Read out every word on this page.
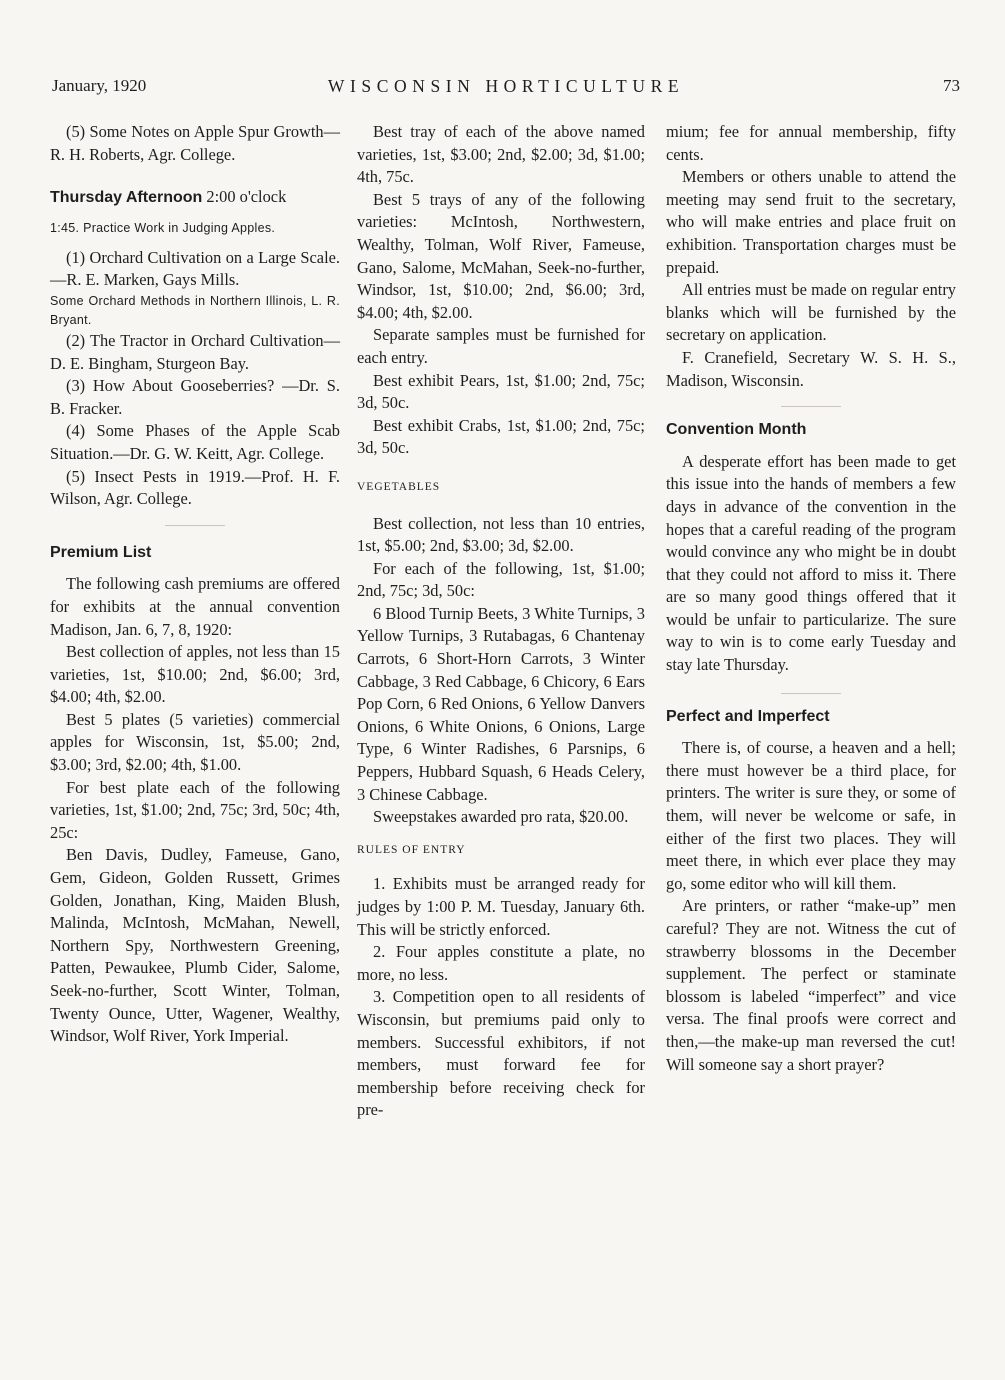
January, 1920	WISCONSIN HORTICULTURE	73

(5) Some Notes on Apple Spur Growth—R. H. Roberts, Agr. College.

Thursday Afternoon 2:00 o'clock

1:45. Practice Work in Judging Apples.

(1) Orchard Cultivation on a Large Scale.—R. E. Marken, Gays Mills.

Some Orchard Methods in Northern Illinois, L. R. Bryant.

(2) The Tractor in Orchard Cultivation—D. E. Bingham, Sturgeon Bay.

(3) How About Gooseberries? —Dr. S. B. Fracker.

(4) Some Phases of the Apple Scab Situation.—Dr. G. W. Keitt, Agr. College.

(5) Insect Pests in 1919.—Prof. H. F. Wilson, Agr. College.

Premium List

The following cash premiums are offered for exhibits at the annual convention Madison, Jan. 6, 7, 8, 1920:

Best collection of apples, not less than 15 varieties, 1st, $10.00; 2nd, $6.00; 3rd, $4.00; 4th, $2.00.

Best 5 plates (5 varieties) commercial apples for Wisconsin, 1st, $5.00; 2nd, $3.00; 3rd, $2.00; 4th, $1.00.

For best plate each of the following varieties, 1st, $1.00; 2nd, 75c; 3rd, 50c; 4th, 25c:

Ben Davis, Dudley, Fameuse, Gano, Gem, Gideon, Golden Russett, Grimes Golden, Jonathan, King, Maiden Blush, Malinda, McIntosh, McMahan, Newell, Northern Spy, Northwestern Greening, Patten, Pewaukee, Plumb Cider, Salome, Seek-no-further, Scott Winter, Tolman, Twenty Ounce, Utter, Wagener, Wealthy, Windsor, Wolf River, York Imperial.

Best tray of each of the above named varieties, 1st, $3.00; 2nd, $2.00; 3d, $1.00; 4th, 75c.

Best 5 trays of any of the following varieties: McIntosh, Northwestern, Wealthy, Tolman, Wolf River, Fameuse, Gano, Salome, McMahan, Seek-no-further, Windsor, 1st, $10.00; 2nd, $6.00; 3rd, $4.00; 4th, $2.00.

Separate samples must be furnished for each entry.

Best exhibit Pears, 1st, $1.00; 2nd, 75c; 3d, 50c.

Best exhibit Crabs, 1st, $1.00; 2nd, 75c; 3d, 50c.

VEGETABLES

Best collection, not less than 10 entries, 1st, $5.00; 2nd, $3.00; 3d, $2.00.

For each of the following, 1st, $1.00; 2nd, 75c; 3d, 50c:

6 Blood Turnip Beets, 3 White Turnips, 3 Yellow Turnips, 3 Rutabagas, 6 Chantenay Carrots, 6 Short-Horn Carrots, 3 Winter Cabbage, 3 Red Cabbage, 6 Chicory, 6 Ears Pop Corn, 6 Red Onions, 6 Yellow Danvers Onions, 6 White Onions, 6 Onions, Large Type, 6 Winter Radishes, 6 Parsnips, 6 Peppers, Hubbard Squash, 6 Heads Celery, 3 Chinese Cabbage.

Sweepstakes awarded pro rata, $20.00.

RULES OF ENTRY

1. Exhibits must be arranged ready for judges by 1:00 P. M. Tuesday, January 6th. This will be strictly enforced.

2. Four apples constitute a plate, no more, no less.

3. Competition open to all residents of Wisconsin, but premiums paid only to members. Successful exhibitors, if not members, must forward fee for membership before receiving check for pre-

mium; fee for annual membership, fifty cents.

Members or others unable to attend the meeting may send fruit to the secretary, who will make entries and place fruit on exhibition. Transportation charges must be prepaid.

All entries must be made on regular entry blanks which will be furnished by the secretary on application.

F. Cranefield, Secretary W. S. H. S., Madison, Wisconsin.

Convention Month

A desperate effort has been made to get this issue into the hands of members a few days in advance of the convention in the hopes that a careful reading of the program would convince any who might be in doubt that they could not afford to miss it. There are so many good things offered that it would be unfair to particularize. The sure way to win is to come early Tuesday and stay late Thursday.

Perfect and Imperfect

There is, of course, a heaven and a hell; there must however be a third place, for printers. The writer is sure they, or some of them, will never be welcome or safe, in either of the first two places. They will meet there, in which ever place they may go, some editor who will kill them.

Are printers, or rather “make-up” men careful? They are not. Witness the cut of strawberry blossoms in the December supplement. The perfect or staminate blossom is labeled “imperfect” and vice versa. The final proofs were correct and then,—the make-up man reversed the cut! Will someone say a short prayer?
